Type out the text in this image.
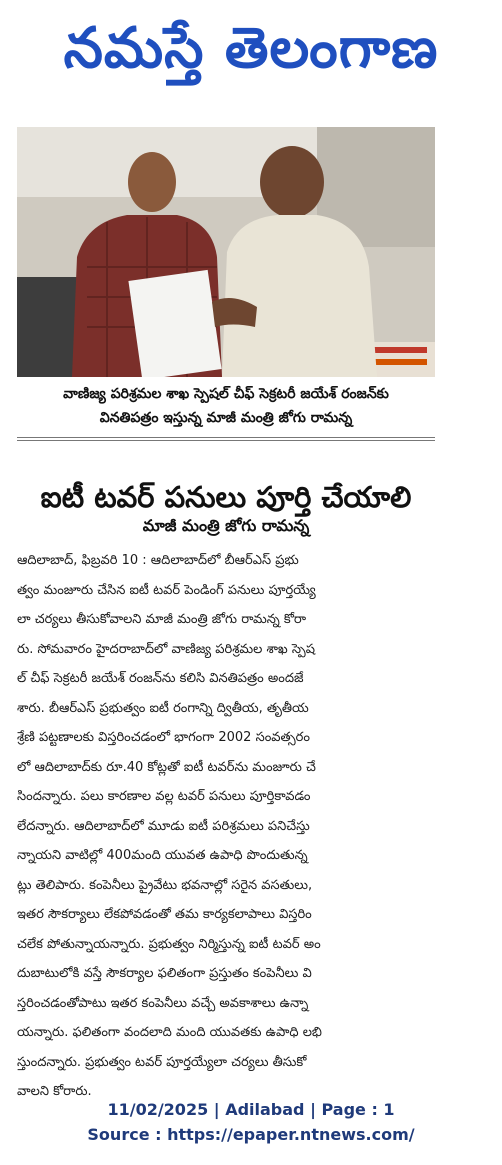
నమస్తే తెలంగాణ
వాణిజ్య పరిశ్రమల శాఖ స్పెషల్ చీఫ్ సెక్రటరీ జయేశ్ రంజన్‌కు
వినతిపత్రం ఇస్తున్న మాజీ మంత్రి జోగు రామన్న
ఐటీ టవర్ పనులు పూర్తి చేయాలి
మాజీ మంత్రి జోగు రామన్న
ఆదిలాబాద్, ఫిబ్రవరి 10 : ఆదిలాబాద్‌లో బీఆర్‌ఎస్ ప్రభు
త్వం మంజూరు చేసిన ఐటీ టవర్ పెండింగ్ పనులు పూర్తయ్యే
లా చర్యలు తీసుకోవాలని మాజీ మంత్రి జోగు రామన్న కోరా
రు. సోమవారం హైదరాబాద్‌లో వాణిజ్య పరిశ్రమల శాఖ స్పెష
ల్ చీఫ్ సెక్రటరీ జయేశ్ రంజన్‌ను కలిసి వినతిపత్రం అందజే
శారు. బీఆర్‌ఎస్ ప్రభుత్వం ఐటీ రంగాన్ని ద్వితీయ, తృతీయ
శ్రేణి పట్టణాలకు విస్తరించడంలో భాగంగా 2002 సంవత్సరం
లో ఆదిలాబాద్‌కు రూ.40 కోట్లతో ఐటీ టవర్‌ను మంజూరు చే
సిందన్నారు. పలు కారణాల వల్ల టవర్ పనులు పూర్తికావడం
లేదన్నారు. ఆదిలాబాద్‌లో మూడు ఐటీ పరిశ్రమలు పనిచేస్తు
న్నాయని వాటిల్లో 400మంది యువత ఉపాధి పొందుతున్న
ట్లు తెలిపారు. కంపెనీలు ప్రైవేటు భవనాల్లో సరైన వసతులు,
ఇతర సౌకర్యాలు లేకపోవడంతో తమ కార్యకలాపాలు విస్తరిం
చలేక పోతున్నాయన్నారు. ప్రభుత్వం నిర్మిస్తున్న ఐటీ టవర్ అం
దుబాటులోకి వస్తే సౌకర్యాల ఫలితంగా ప్రస్తుతం కంపెనీలు వి
స్తరించడంతోపాటు ఇతర కంపెనీలు వచ్చే అవకాశాలు ఉన్నా
యన్నారు. ఫలితంగా వందలాది మంది యువతకు ఉపాధి లభి
స్తుందన్నారు. ప్రభుత్వం టవర్ పూర్తయ్యేలా చర్యలు తీసుకో
వాలని కోరారు.
11/02/2025 | Adilabad | Page : 1
Source : https://epaper.ntnews.com/
